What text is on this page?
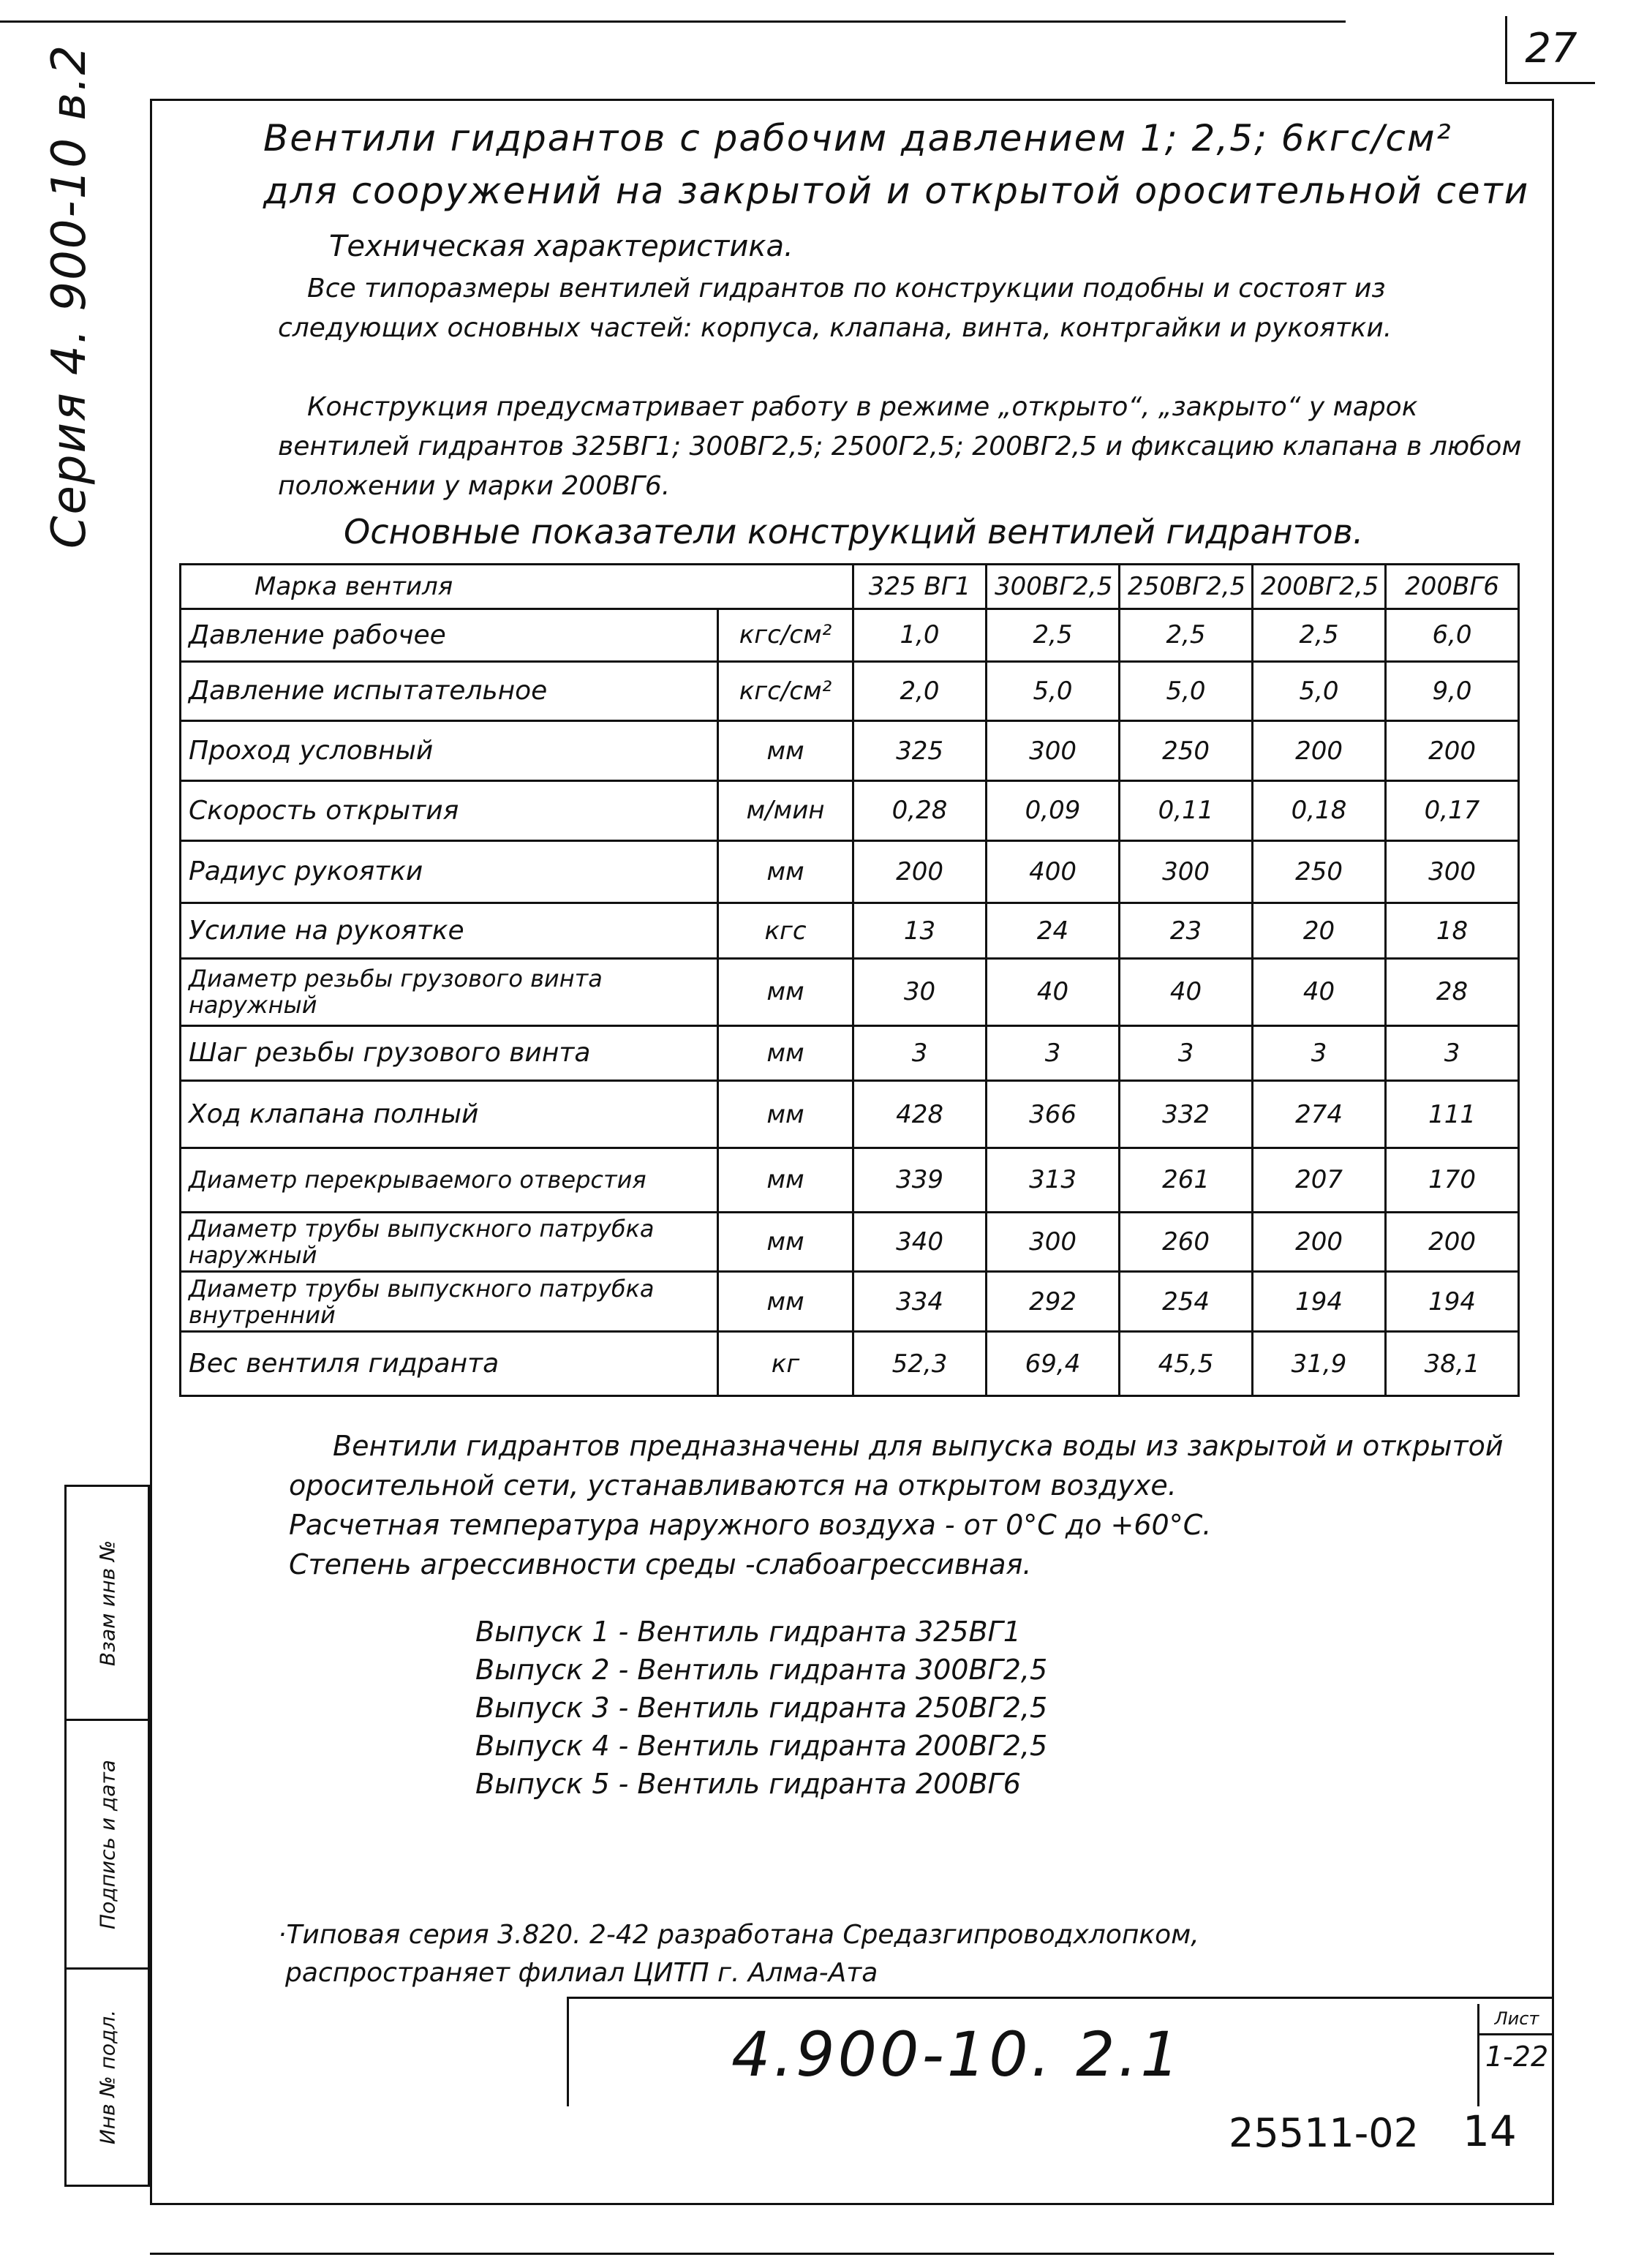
27
Серия 4. 900-10 в.2
Взам инв №
Подпись и дата
Инв № подл.
Вентили гидрантов с рабочим давлением 1; 2,5; 6кгс/см²
для сооружений на закрытой и открытой оросительной сети
Техническая характеристика.
Все типоразмеры вентилей гидрантов по конструкции подобны и состоят из следующих основных частей: корпуса, клапана, винта, контргайки и рукоятки.
Конструкция предусматривает работу в режиме „открыто“, „закрыто“ у марок вентилей гидрантов 325ВГ1; 300ВГ2,5; 2500Г2,5; 200ВГ2,5 и фиксацию клапана в любом положении у марки 200ВГ6.
Основные показатели конструкций вентилей гидрантов.
Марка вентиля		325 ВГ1	300ВГ2,5	250ВГ2,5	200ВГ2,5	200ВГ6
Давление рабочее	кгс/см²	1,0	2,5	2,5	2,5	6,0
Давление испытательное	кгс/см²	2,0	5,0	5,0	5,0	9,0
Проход условный	мм	325	300	250	200	200
Скорость открытия	м/мин	0,28	0,09	0,11	0,18	0,17
Радиус рукоятки	мм	200	400	300	250	300
Усилие на рукоятке	кгс	13	24	23	20	18
Диаметр резьбы грузового винта наружный	мм	30	40	40	40	28
Шаг резьбы грузового винта	мм	3	3	3	3	3
Ход клапана полный	мм	428	366	332	274	111
Диаметр перекрываемого отверстия	мм	339	313	261	207	170
Диаметр трубы выпускного патрубка наружный	мм	340	300	260	200	200
Диаметр трубы выпускного патрубка внутренний	мм	334	292	254	194	194
Вес вентиля гидранта	кг	52,3	69,4	45,5	31,9	38,1
Вентили гидрантов предназначены для выпуска воды из закрытой и открытой оросительной сети, устанавливаются на открытом воздухе.
Расчетная температура наружного воздуха - от 0°С до +60°С.
Степень агрессивности среды -слабоагрессивная.
Выпуск 1 - Вентиль гидранта 325ВГ1
Выпуск 2 - Вентиль гидранта 300ВГ2,5
Выпуск 3 - Вентиль гидранта 250ВГ2,5
Выпуск 4 - Вентиль гидранта 200ВГ2,5
Выпуск 5 - Вентиль гидранта 200ВГ6
·Типовая серия 3.820. 2-42 разработана Средазгипроводхлопком,
распространяет филиал ЦИТП г. Алма-Ата
4.900-10. 2.1	Лист
1-22
25511-02 14
